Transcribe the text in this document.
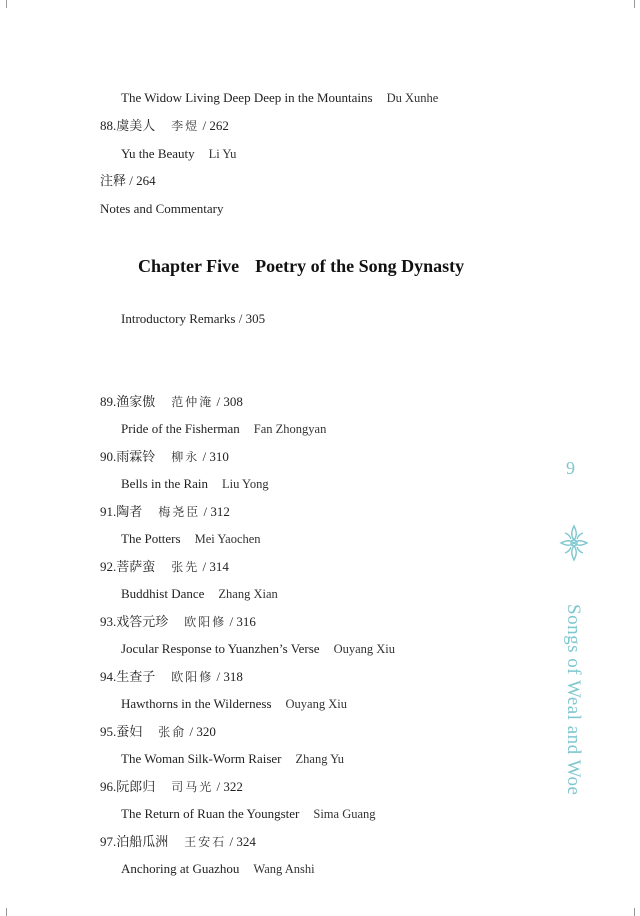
The Widow Living Deep Deep in the Mountains Du Xunhe
88.虞美人 李煜 / 262
Yu the Beauty Li Yu
注释 / 264
Notes and Commentary
Chapter Five Poetry of the Song Dynasty
Introductory Remarks / 305
89.渔家傲 范仲淹 / 308
Pride of the Fisherman Fan Zhongyan
90.雨霖铃 柳永 / 310
Bells in the Rain Liu Yong
91.陶者 梅尧臣 / 312
The Potters Mei Yaochen
92.菩萨蛮 张先 / 314
Buddhist Dance Zhang Xian
93.戏答元珍 欧阳修 / 316
Jocular Response to Yuanzhen’s Verse Ouyang Xiu
94.生查子 欧阳修 / 318
Hawthorns in the Wilderness Ouyang Xiu
95.蚕妇 张俞 / 320
The Woman Silk-Worm Raiser Zhang Yu
96.阮郎归 司马光 / 322
The Return of Ruan the Youngster Sima Guang
97.泊船瓜洲 王安石 / 324
Anchoring at Guazhou Wang Anshi
9
Songs of Weal and Woe
